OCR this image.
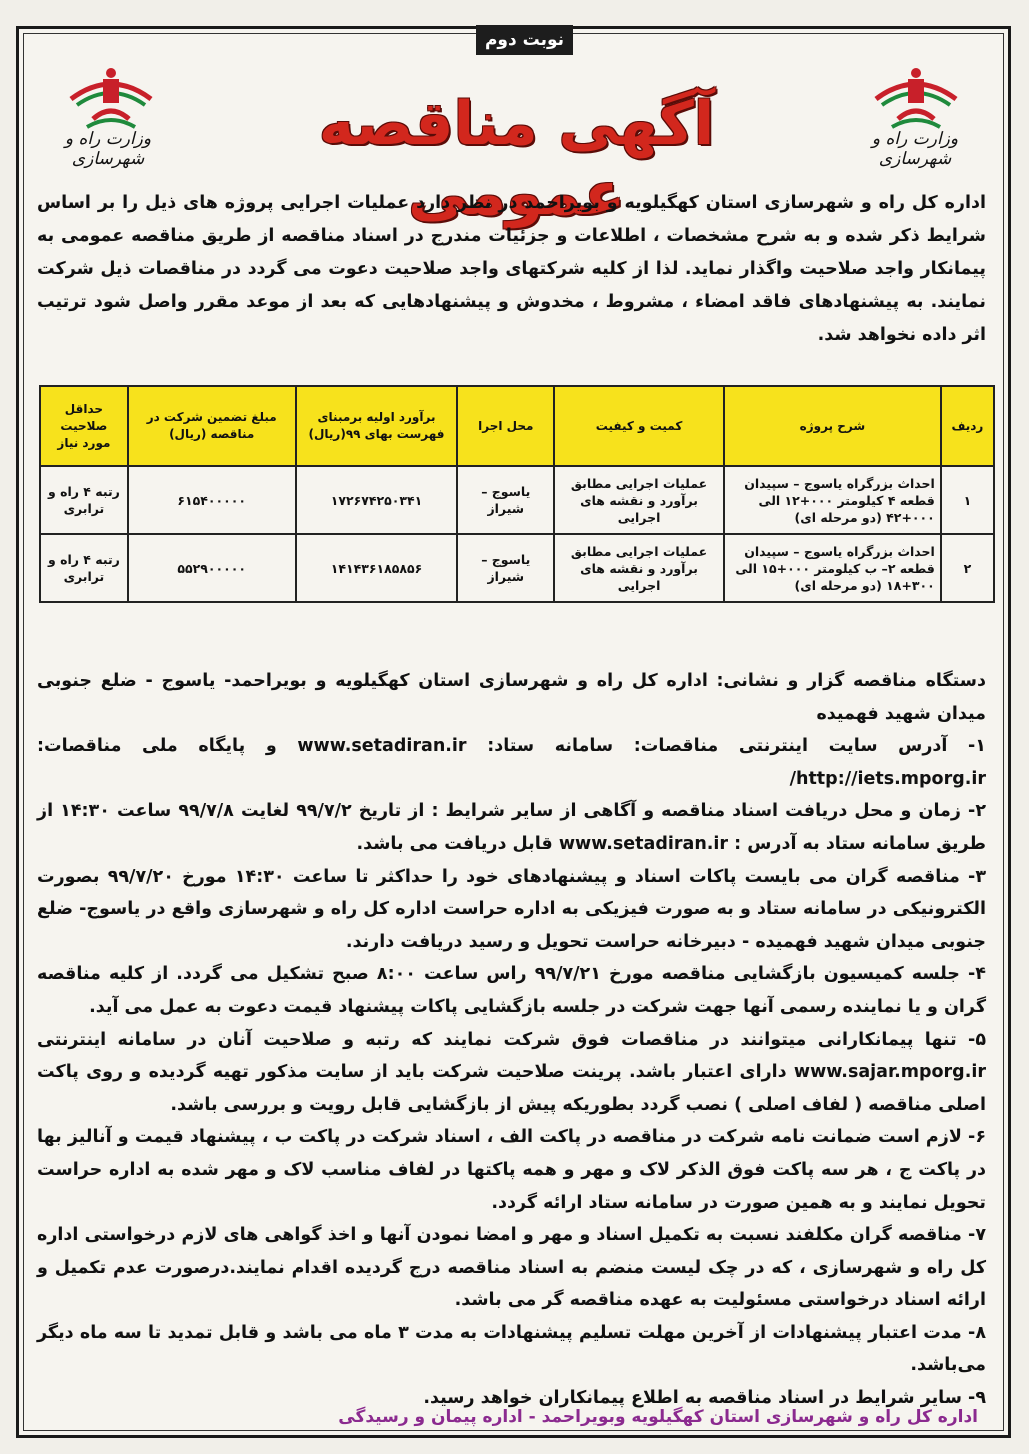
نوبت دوم
وزارت راه و شهرسازی
وزارت راه و شهرسازی	آگهی مناقصه عمومی
اداره کل راه و شهرسازی استان کهگیلویه و بویراحمد در نظر دارد عملیات اجرایی پروژه های ذیل را بر اساس شرایط ذکر شده و به شرح مشخصات ، اطلاعات و جزئیات مندرج در اسناد مناقصه از طریق مناقصه عمومی به پیمانکار واجد صلاحیت واگذار نماید. لذا از کلیه شرکتهای واجد صلاحیت دعوت می گردد در مناقصات ذیل شرکت نمایند. به پیشنهادهای فاقد امضاء ، مشروط ، مخدوش و پیشنهادهایی که بعد از موعد مقرر واصل شود ترتیب اثر داده نخواهد شد.
ردیف	شرح پروژه	کمیت و کیفیت	محل اجرا	برآورد اولیه برمبنای فهرست بهای ۹۹(ریال)	مبلغ تضمین شرکت در مناقصه (ریال)	حداقل صلاحیت مورد نیاز
۱	احداث بزرگراه یاسوج – سپیدان قطعه ۴ کیلومتر ۰۰۰+۱۲ الی ۰۰۰+۴۲ (دو مرحله ای)	عملیات اجرایی مطابق برآورد و نقشه های اجرایی	یاسوج – شیراز	۱۷۲۶۷۴۲۵۰۳۴۱	۶۱۵۴۰۰۰۰۰	رتبه ۴ راه و ترابری
۲	احداث بزرگراه یاسوج – سپیدان قطعه ۲– ب کیلومتر ۰۰۰+۱۵ الی ۳۰۰+۱۸ (دو مرحله ای)	عملیات اجرایی مطابق برآورد و نقشه های اجرایی	یاسوج – شیراز	۱۴۱۴۳۶۱۸۵۸۵۶	۵۵۲۹۰۰۰۰۰	رتبه ۴ راه و ترابری

دستگاه مناقصه گزار و نشانی: اداره کل راه و شهرسازی استان کهگیلویه و بویراحمد- یاسوج - ضلع جنوبی میدان شهید فهمیده

۱- آدرس سایت اینترنتی مناقصات: سامانه ستاد: www.setadiran.ir و پایگاه ملی مناقصات: http://iets.mporg.ir/

۲- زمان و محل دریافت اسناد مناقصه و آگاهی از سایر شرایط : از تاریخ ۹۹/۷/۲ لغایت ۹۹/۷/۸ ساعت ۱۴:۳۰ از طریق سامانه ستاد به آدرس : www.setadiran.ir قابل دریافت می باشد.

۳- مناقصه گران می بایست پاکات اسناد و پیشنهادهای خود را حداکثر تا ساعت ۱۴:۳۰ مورخ ۹۹/۷/۲۰ بصورت الکترونیکی در سامانه ستاد و به صورت فیزیکی به اداره حراست اداره کل راه و شهرسازی واقع در یاسوج- ضلع جنوبی میدان شهید فهمیده - دبیرخانه حراست تحویل و رسید دریافت دارند.

۴- جلسه کمیسیون بازگشایی مناقصه مورخ ۹۹/۷/۲۱ راس ساعت ۸:۰۰ صبح تشکیل می گردد. از کلیه مناقصه گران و یا نماینده رسمی آنها جهت شرکت در جلسه بازگشایی پاکات پیشنهاد قیمت دعوت به عمل می آید.

۵- تنها پیمانکارانی میتوانند در مناقصات فوق شرکت نمایند که رتبه و صلاحیت آنان در سامانه اینترنتی www.sajar.mporg.ir دارای اعتبار باشد. پرینت صلاحیت شرکت باید از سایت مذکور تهیه گردیده و روی پاکت اصلی مناقصه ( لفاف اصلی ) نصب گردد بطوریکه پیش از بازگشایی قابل رویت و بررسی باشد.

۶- لازم است ضمانت نامه شرکت در مناقصه در پاکت الف ، اسناد شرکت در پاکت ب ، پیشنهاد قیمت و آنالیز بها در پاکت ج ، هر سه پاکت فوق الذکر لاک و مهر و همه پاکتها در لفاف مناسب لاک و مهر شده به اداره حراست تحویل نمایند و به همین صورت در سامانه ستاد ارائه گردد.

۷- مناقصه گران مکلفند نسبت به تکمیل اسناد و مهر و امضا نمودن آنها و اخذ گواهی های لازم درخواستی اداره کل راه و شهرسازی ، که در چک لیست منضم به اسناد مناقصه درج گردیده اقدام نمایند.درصورت عدم تکمیل و ارائه اسناد درخواستی مسئولیت به عهده مناقصه گر می باشد.

۸- مدت اعتبار پیشنهادات از آخرین مهلت تسلیم پیشنهادات به مدت ۳ ماه می باشد و قابل تمدید تا سه ماه دیگر می‌باشد.

۹- سایر شرایط در اسناد مناقصه به اطلاع پیمانکاران خواهد رسید.

اداره کل راه و شهرسازی استان کهگیلویه وبویراحمد - اداره پیمان و رسیدگی
